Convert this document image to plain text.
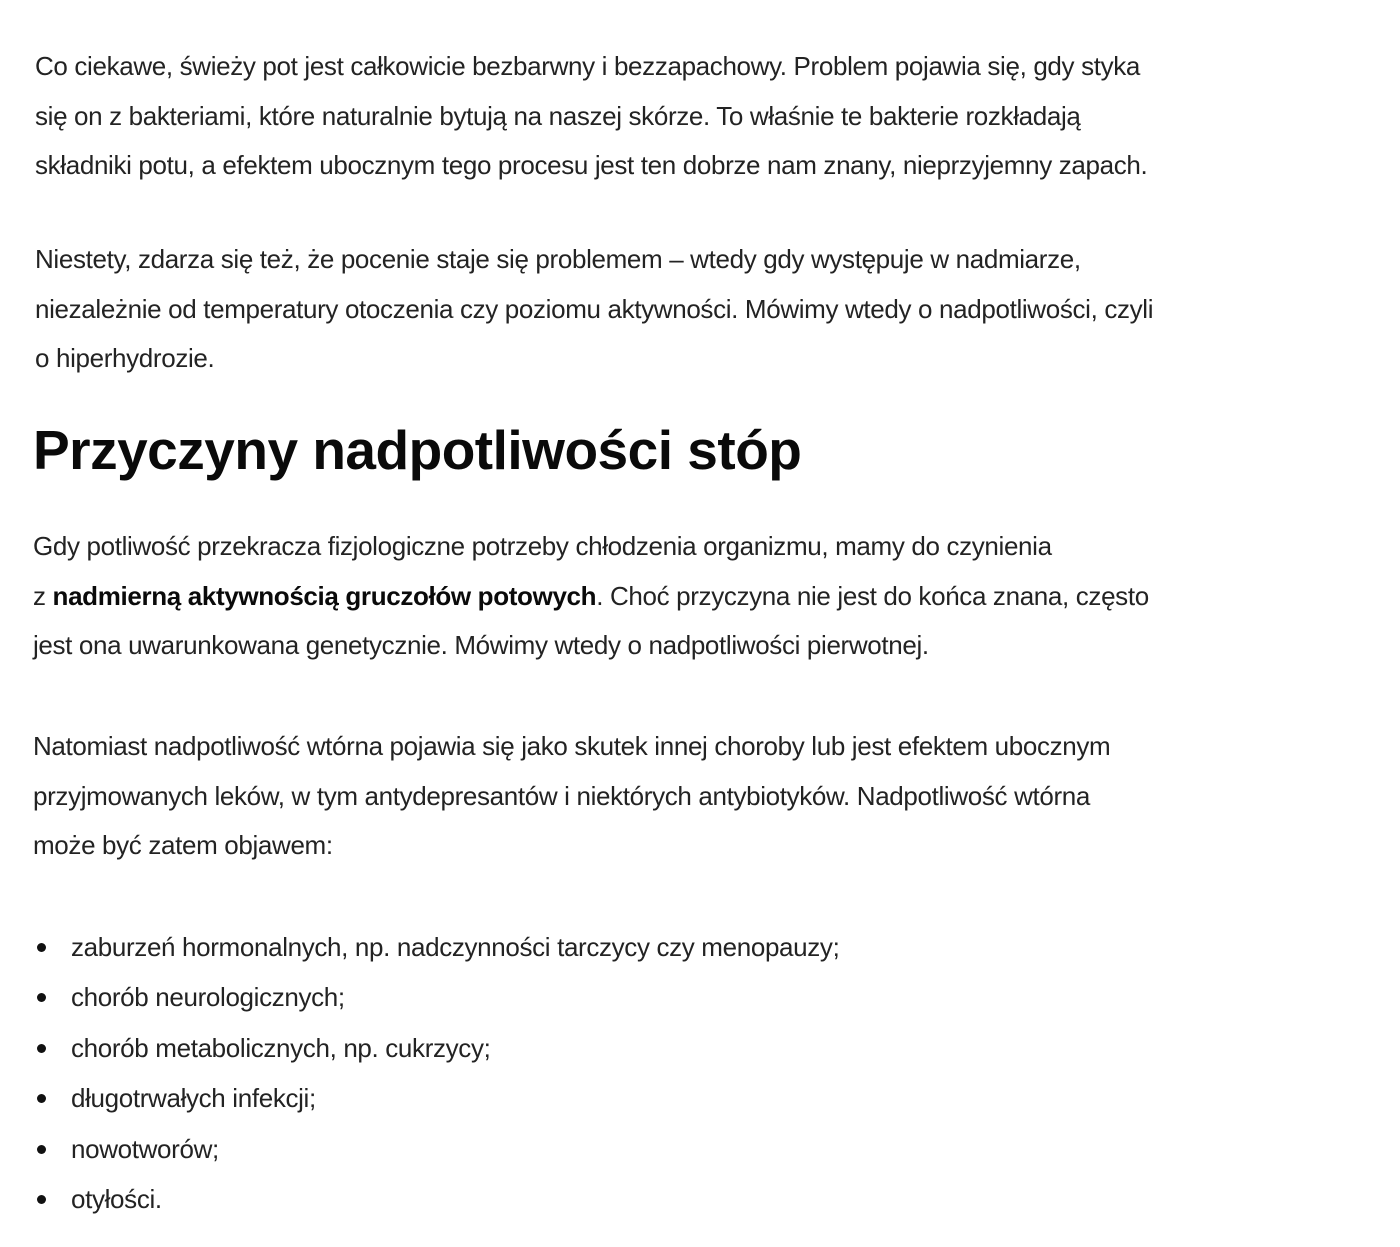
Co ciekawe, świeży pot jest całkowicie bezbarwny i bezzapachowy. Problem pojawia się, gdy styka
się on z bakteriami, które naturalnie bytują na naszej skórze. To właśnie te bakterie rozkładają
składniki potu, a efektem ubocznym tego procesu jest ten dobrze nam znany, nieprzyjemny zapach.

Niestety, zdarza się też, że pocenie staje się problemem – wtedy gdy występuje w nadmiarze,
niezależnie od temperatury otoczenia czy poziomu aktywności. Mówimy wtedy o nadpotliwości, czyli
o hiperhydrozie.

Przyczyny nadpotliwości stóp

Gdy potliwość przekracza fizjologiczne potrzeby chłodzenia organizmu, mamy do czynienia
z nadmierną aktywnością gruczołów potowych. Choć przyczyna nie jest do końca znana, często
jest ona uwarunkowana genetycznie. Mówimy wtedy o nadpotliwości pierwotnej.

Natomiast nadpotliwość wtórna pojawia się jako skutek innej choroby lub jest efektem ubocznym
przyjmowanych leków, w tym antydepresantów i niektórych antybiotyków. Nadpotliwość wtórna
może być zatem objawem:

zaburzeń hormonalnych, np. nadczynności tarczycy czy menopauzy;
chorób neurologicznych;
chorób metabolicznych, np. cukrzycy;
długotrwałych infekcji;
nowotworów;
otyłości.
